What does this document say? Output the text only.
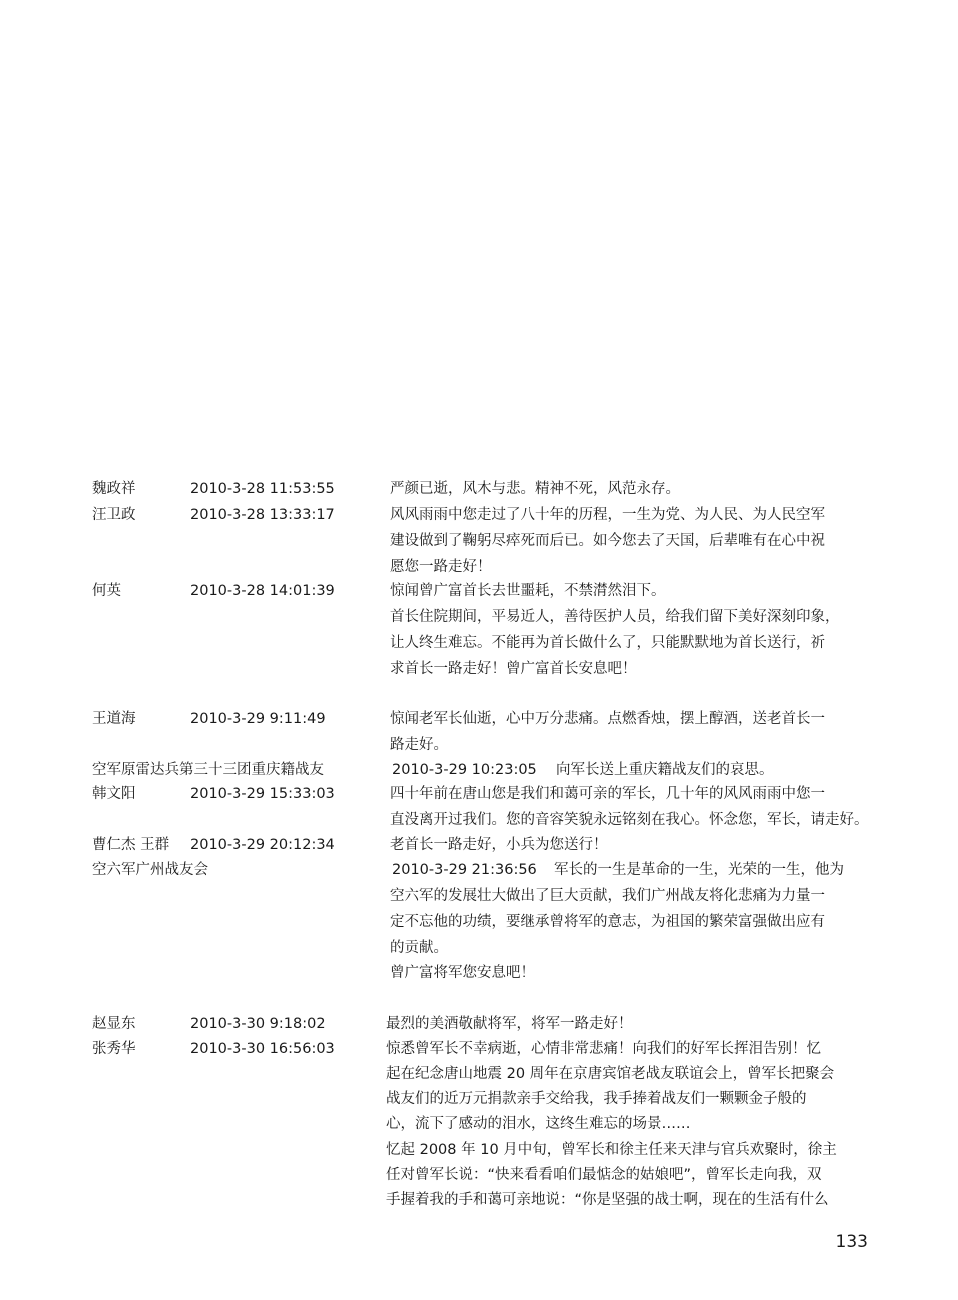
魏政祥	2010-3-28 11:53:55	严颜已逝，风木与悲。精神不死，风范永存。
汪卫政	2010-3-28 13:33:17	风风雨雨中您走过了八十年的历程，一生为党、为人民、为人民空军
建设做到了鞠躬尽瘁死而后已。如今您去了天国，后辈唯有在心中祝
愿您一路走好！
何英	2010-3-28 14:01:39	惊闻曾广富首长去世噩耗，不禁潸然泪下。
首长住院期间，平易近人，善待医护人员，给我们留下美好深刻印象，
让人终生难忘。不能再为首长做什么了，只能默默地为首长送行，祈
求首长一路走好！曾广富首长安息吧！
王道海	2010-3-29 9:11:49	惊闻老军长仙逝，心中万分悲痛。点燃香烛，摆上醇酒，送老首长一
路走好。
空军原雷达兵第三十三团重庆籍战友	2010-3-29 10:23:05 向军长送上重庆籍战友们的哀思。
韩文阳	2010-3-29 15:33:03	四十年前在唐山您是我们和蔼可亲的军长，几十年的风风雨雨中您一
直没离开过我们。您的音容笑貌永远铭刻在我心。怀念您，军长，请走好。
曹仁杰 王群 2010-3-29 20:12:34	老首长一路走好，小兵为您送行！
空六军广州战友会	2010-3-29 21:36:56 军长的一生是革命的一生，光荣的一生，他为
空六军的发展壮大做出了巨大贡献，我们广州战友将化悲痛为力量一
定不忘他的功绩，要继承曾将军的意志，为祖国的繁荣富强做出应有
的贡献。
曾广富将军您安息吧！
赵显东	2010-3-30 9:18:02	最烈的美酒敬献将军，将军一路走好！
张秀华	2010-3-30 16:56:03	惊悉曾军长不幸病逝，心情非常悲痛！向我们的好军长挥泪告别！忆
起在纪念唐山地震 20 周年在京唐宾馆老战友联谊会上，曾军长把聚会
战友们的近万元捐款亲手交给我，我手捧着战友们一颗颗金子般的
心，流下了感动的泪水，这终生难忘的场景……
忆起 2008 年 10 月中旬，曾军长和徐主任来天津与官兵欢聚时，徐主
任对曾军长说：“快来看看咱们最惦念的姑娘吧”，曾军长走向我，双
手握着我的手和蔼可亲地说：“你是坚强的战士啊，现在的生活有什么
133
